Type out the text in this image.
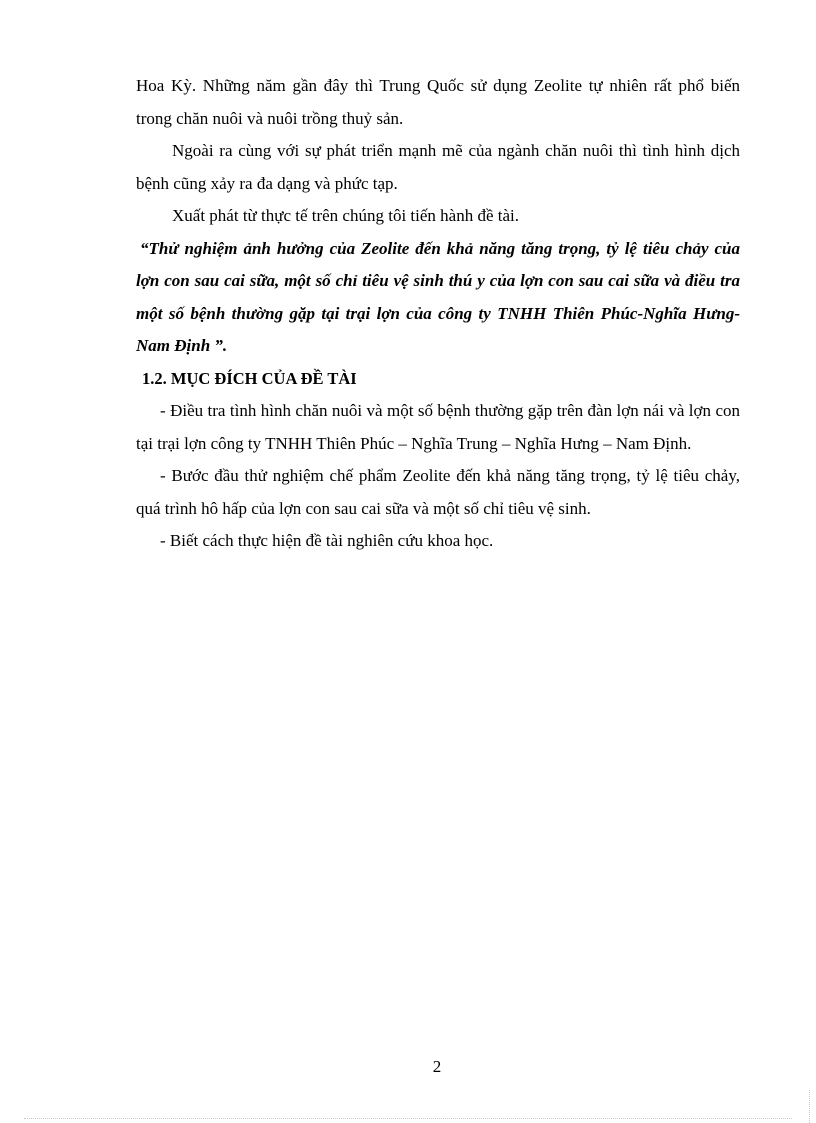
Hoa Kỳ. Những năm gần đây thì Trung Quốc sử dụng Zeolite tự nhiên rất phổ biến trong chăn nuôi và nuôi trồng thuỷ sản.

Ngoài ra cùng với sự phát triển mạnh mẽ của ngành chăn nuôi thì tình hình dịch bệnh cũng xảy ra đa dạng và phức tạp.

Xuất phát từ thực tế trên chúng tôi tiến hành đề tài.

“Thử nghiệm ảnh hưởng của Zeolite đến khả năng tăng trọng, tỷ lệ tiêu chảy của lợn con sau cai sữa, một số chỉ tiêu vệ sinh thú y của lợn con sau cai sữa và điều tra một số bệnh thường gặp tại trại lợn của công ty TNHH Thiên Phúc-Nghĩa Hưng-Nam Định ”.

1.2. MỤC ĐÍCH CỦA ĐỀ TÀI

- Điều tra tình hình chăn nuôi và một số bệnh thường gặp trên đàn lợn nái và lợn con tại trại lợn công ty TNHH Thiên Phúc – Nghĩa Trung – Nghĩa Hưng – Nam Định.

- Bước đầu thử nghiệm chế phẩm Zeolite đến khả năng tăng trọng, tỷ lệ tiêu chảy, quá trình hô hấp của lợn con sau cai sữa và một số chỉ tiêu vệ sinh.

- Biết cách thực hiện đề tài nghiên cứu khoa học.

2
